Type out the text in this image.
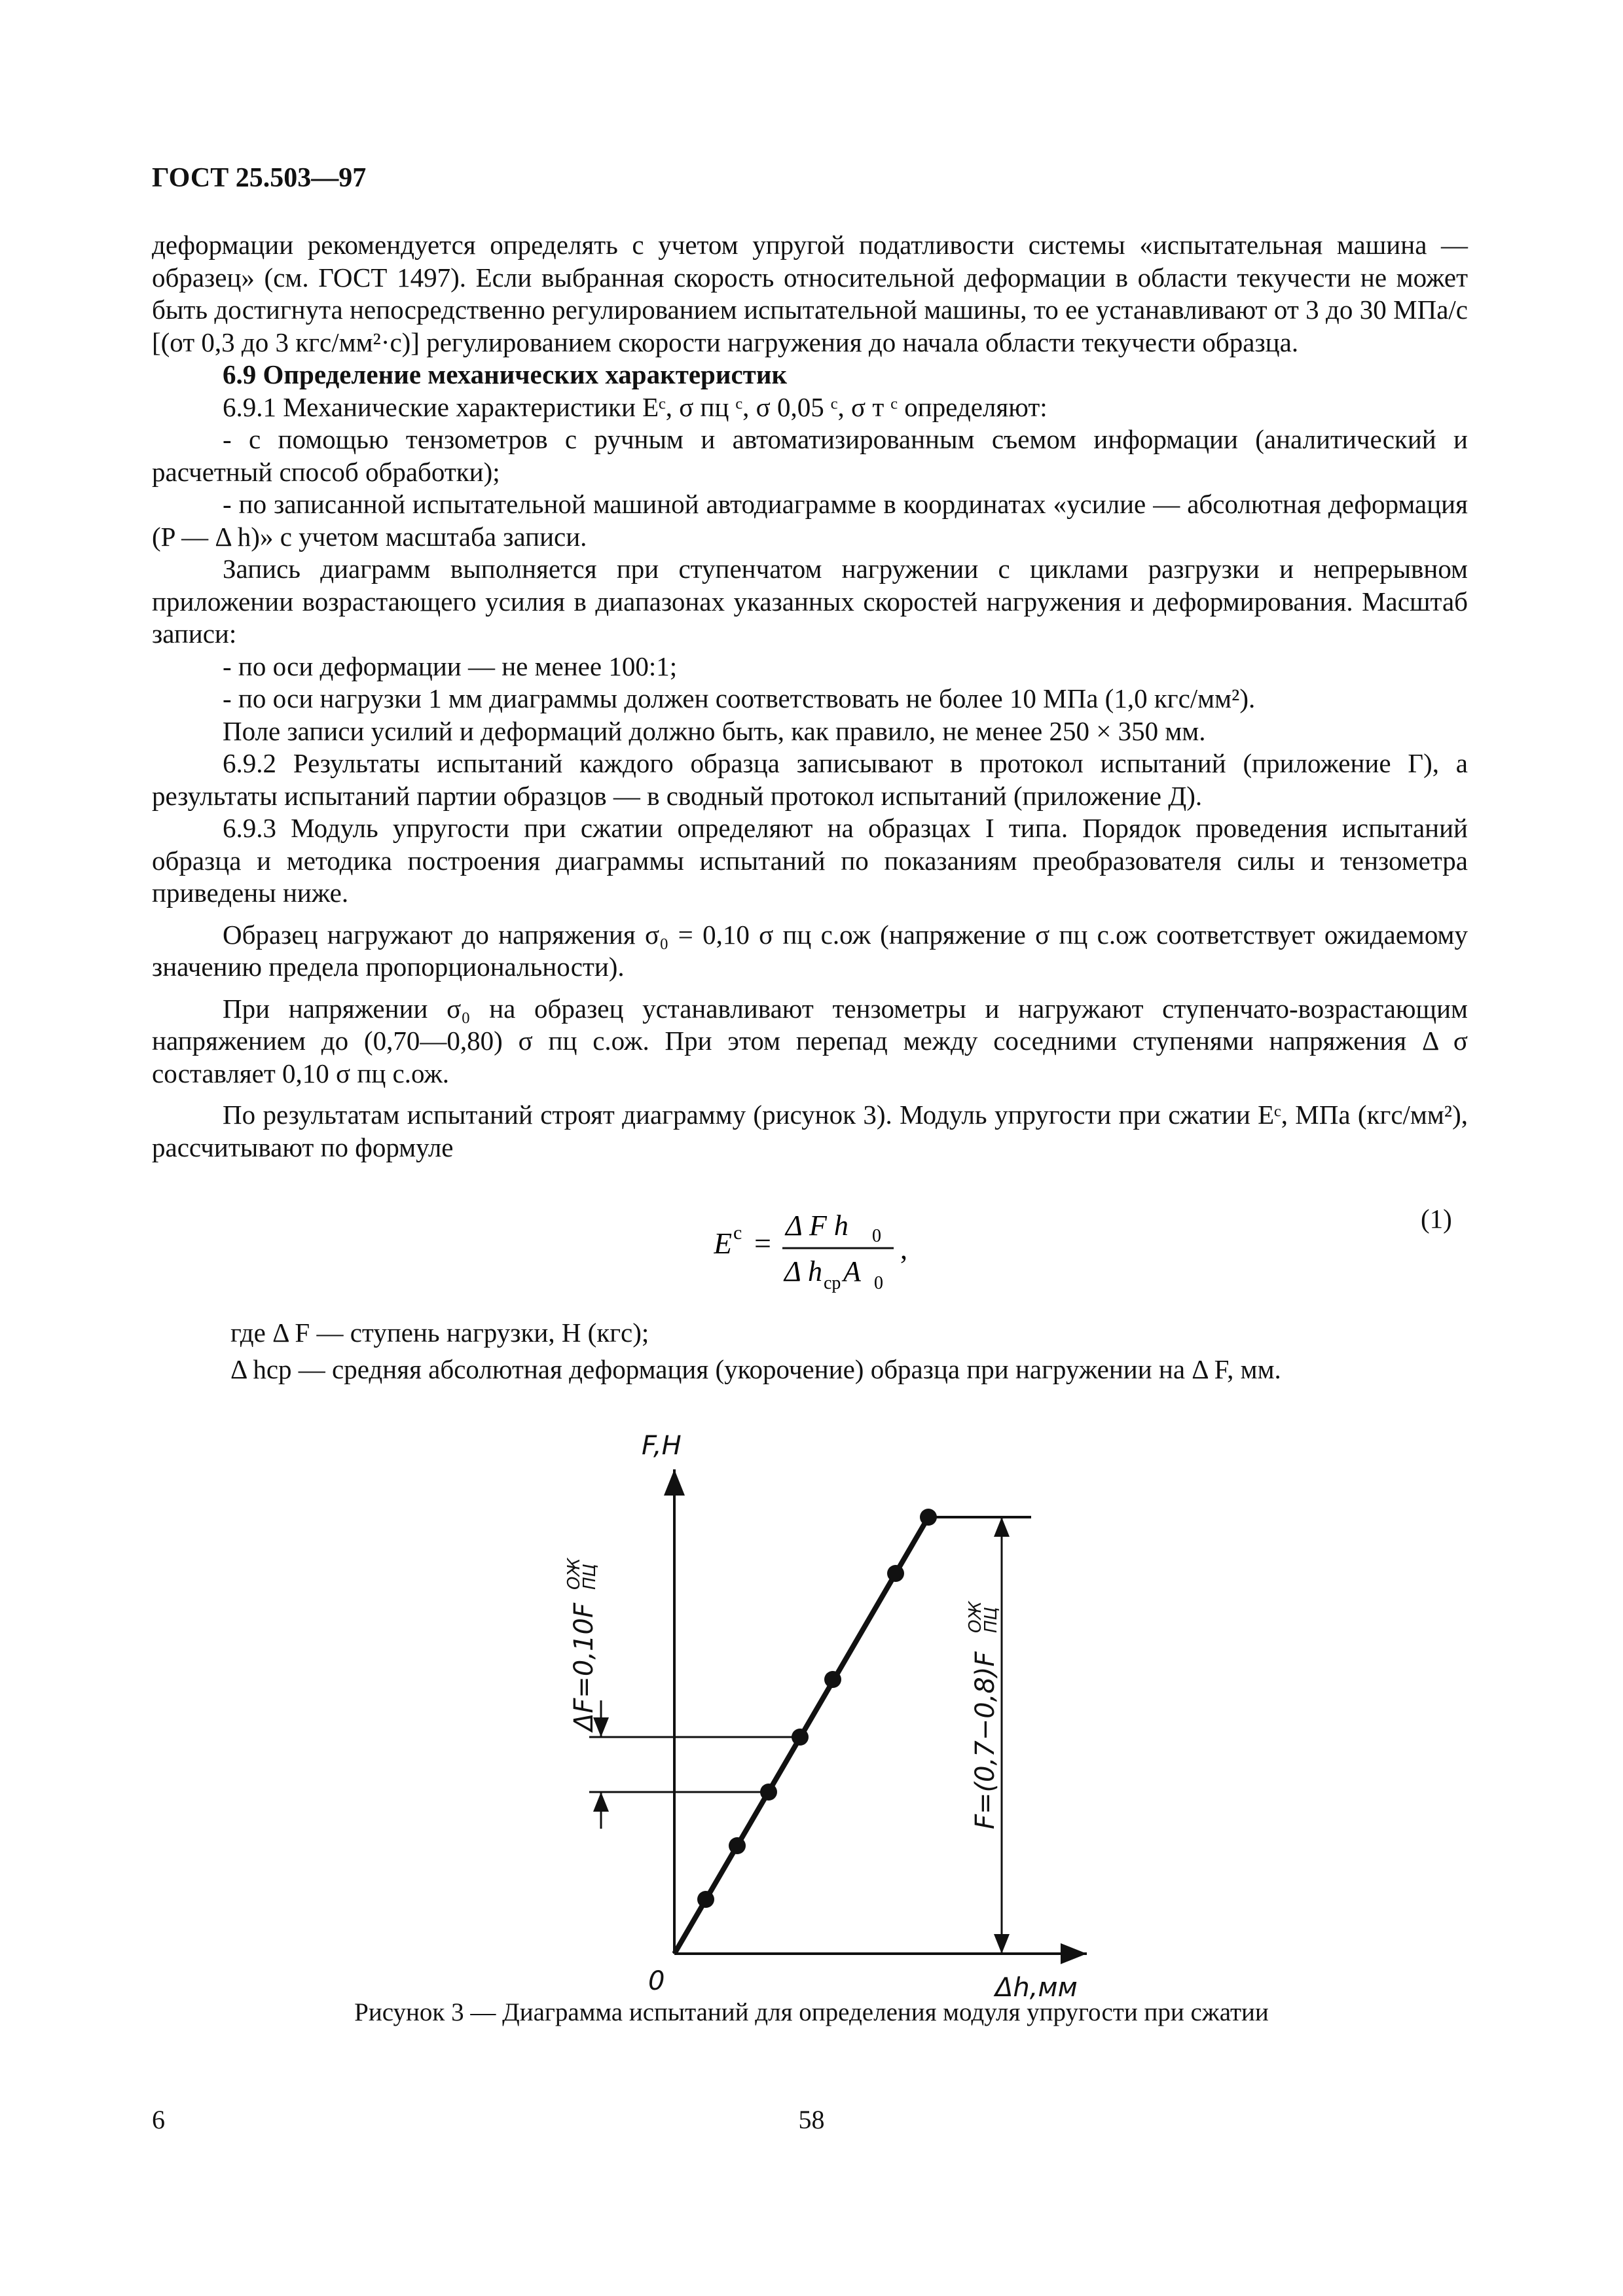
ГОСТ 25.503—97

деформации рекомендуется определять с учетом упругой податливости системы «испытательная машина — образец» (см. ГОСТ 1497). Если выбранная скорость относительной деформации в области текучести не может быть достигнута непосредственно регулированием испытательной машины, то ее устанавливают от 3 до 30 МПа/с [(от 0,3 до 3 кгс/мм²·с)] регулированием скорости нагружения до начала области текучести образца.

6.9 Определение механических характеристик

6.9.1 Механические характеристики Eᶜ, σ пц ᶜ, σ 0,05 ᶜ, σ т ᶜ определяют:

- с помощью тензометров с ручным и автоматизированным съемом информации (аналитический и расчетный способ обработки);

- по записанной испытательной машиной автодиаграмме в координатах «усилие — абсолютная деформация (P — Δ h)» с учетом масштаба записи.

Запись диаграмм выполняется при ступенчатом нагружении с циклами разгрузки и непрерывном приложении возрастающего усилия в диапазонах указанных скоростей нагружения и деформирования. Масштаб записи:

- по оси деформации — не менее 100:1;

- по оси нагрузки 1 мм диаграммы должен соответствовать не более 10 МПа (1,0 кгс/мм²).

Поле записи усилий и деформаций должно быть, как правило, не менее 250 × 350 мм.

6.9.2 Результаты испытаний каждого образца записывают в протокол испытаний (приложение Г), а результаты испытаний партии образцов — в сводный протокол испытаний (приложение Д).

6.9.3 Модуль упругости при сжатии определяют на образцах I типа. Порядок проведения испытаний образца и методика построения диаграммы испытаний по показаниям преобразователя силы и тензометра приведены ниже.

Образец нагружают до напряжения σ₀ = 0,10 σ пц с.ож (напряжение σ пц с.ож соответствует ожидаемому значению предела пропорциональности).

При напряжении σ₀ на образец устанавливают тензометры и нагружают ступенчато-возрастающим напряжением до (0,70—0,80) σ пц с.ож. При этом перепад между соседними ступенями напряжения Δ σ составляет 0,10 σ пц с.ож.

По результатам испытаний строят диаграмму (рисунок 3). Модуль упругости при сжатии Eᶜ, МПа (кгс/мм²), рассчитывают по формуле

E с =
Δ F h 0
Δ h ср A 0
,
(1)

где Δ F — ступень нагрузки, Н (кгс);

Δ hср — средняя абсолютная деформация (укорочение) образца при нагружении на Δ F, мм.

F,Н
Δh,мм
0
ΔF=0,10F
ОЖ
ПЦ
F=(0,7−0,8)F
ОЖ
ПЦ
Рисунок 3 — Диаграмма испытаний для определения модуля упругости при сжатии
6	58
